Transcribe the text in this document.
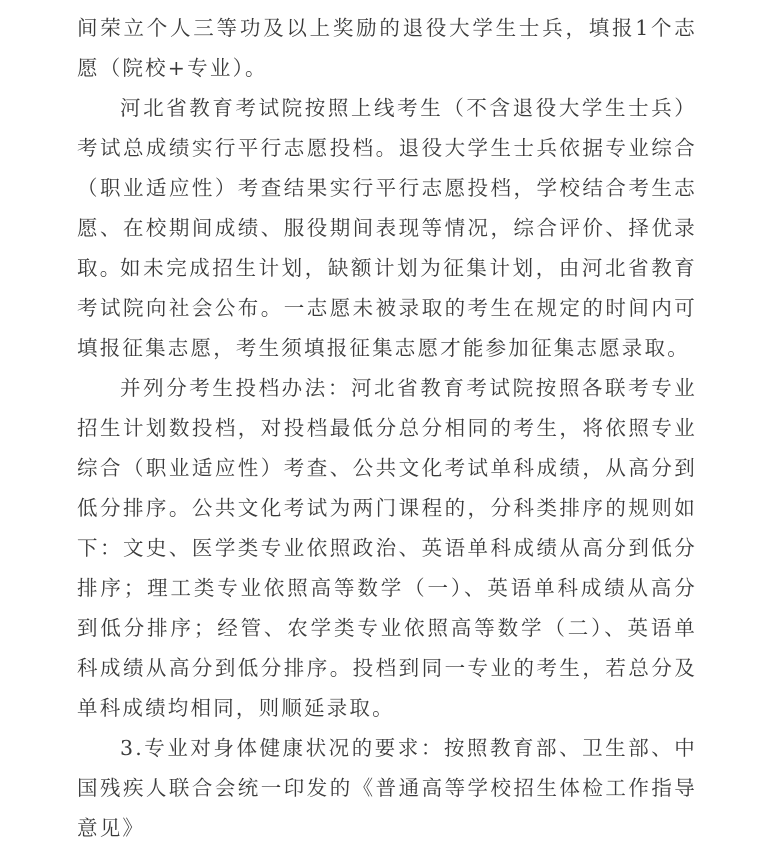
间荣立个人三等功及以上奖励的退役大学生士兵，填报1个志愿（院校+专业）。

河北省教育考试院按照上线考生（不含退役大学生士兵）考试总成绩实行平行志愿投档。退役大学生士兵依据专业综合（职业适应性）考查结果实行平行志愿投档，学校结合考生志愿、在校期间成绩、服役期间表现等情况，综合评价、择优录取。

如未完成招生计划，缺额计划为征集计划，由河北省教育考试院向社会公布。一志愿未被录取的考生在规定的时间内可填报征集志愿，考生须填报征集志愿才能参加征集志愿录取。

并列分考生投档办法：河北省教育考试院按照各联考专业招生计划数投档，对投档最低分总分相同的考生，将依照专业综合（职业适应性）考查、公共文化考试单科成绩，从高分到低分排序。公共文化考试为两门课程的，分科类排序的规则如下：文史、医学类专业依照政治、英语单科成绩从高分到低分排序；理工类专业依照高等数学（一）、英语单科成绩从高分到低分排序；经管、农学类专业依照高等数学（二）、英语单科成绩从高分到低分排序。投档到同一专业的考生，若总分及单科成绩均相同，则顺延录取。

3.专业对身体健康状况的要求：按照教育部、卫生部、中国残疾人联合会统一印发的《普通高等学校招生体检工作指导意见》
